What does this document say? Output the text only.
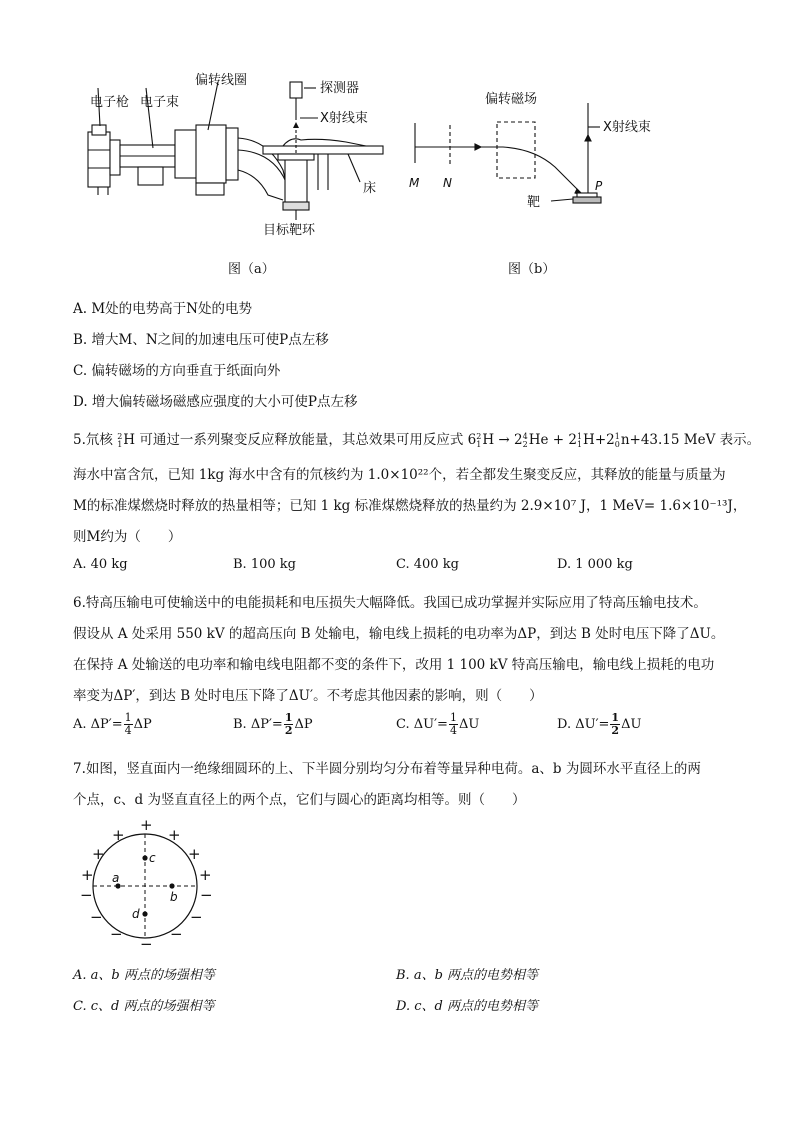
电子枪 电子束
偏转线圈
探测器
X射线束
床
目标靶环
图（a）
偏转磁场
X射线束
M N	P
靶
图（b）
A. M处的电势高于N处的电势
B. 增大M、N之间的加速电压可使P点左移
C. 偏转磁场的方向垂直于纸面向外
D. 增大偏转磁场磁感应强度的大小可使P点左移
5.氘核 2
1 H 可通过一系列聚变反应释放能量，其总效果可用反应式 6 2
1 H → 2 4
2 He + 2 1
1 H+2 1
0 n+43.15 MeV 表示。
海水中富含氘，已知 1kg 海水中含有的氘核约为 1.0×10²²个，若全都发生聚变反应，其释放的能量与质量为
M的标准煤燃烧时释放的热量相等；已知 1 kg 标准煤燃烧释放的热量约为 2.9×10⁷ J，1 MeV= 1.6×10⁻¹³J，
则M约为（　　）
A. 40 kg	B. 100 kg	C. 400 kg	D. 1 000 kg
6.特高压输电可使输送中的电能损耗和电压损失大幅降低。我国已成功掌握并实际应用了特高压输电技术。
假设从 A 处采用 550 kV 的超高压向 B 处输电，输电线上损耗的电功率为ΔP，到达 B 处时电压下降了ΔU。
在保持 A 处输送的电功率和输电线电阻都不变的条件下，改用 1 100 kV 特高压输电，输电线上损耗的电功
率变为ΔP′，到达 B 处时电压下降了ΔU′。不考虑其他因素的影响，则（　　）
A. $\Delta P'= \frac{1}{4}$ ΔP	B. $\Delta P'= \frac{1}{2}$ ΔP	C. $\Delta U'= \frac{1}{4}$ ΔU	D. $\Delta U'= \frac{1}{2}$ ΔU
7.如图，竖直面内一绝缘细圆环的上、下半圆分别均匀分布着等量异种电荷。a、b 为圆环水平直径上的两
个点，c、d 为竖直直径上的两个点，它们与圆心的距离均相等。则（　　）
a
b
c
d
+
+	+
+	+
+	+
−	−
−	−
−	−
−
A. a、b 两点的场强相等	B. a、b 两点的电势相等
C. c、d 两点的场强相等	D. c、d 两点的电势相等
